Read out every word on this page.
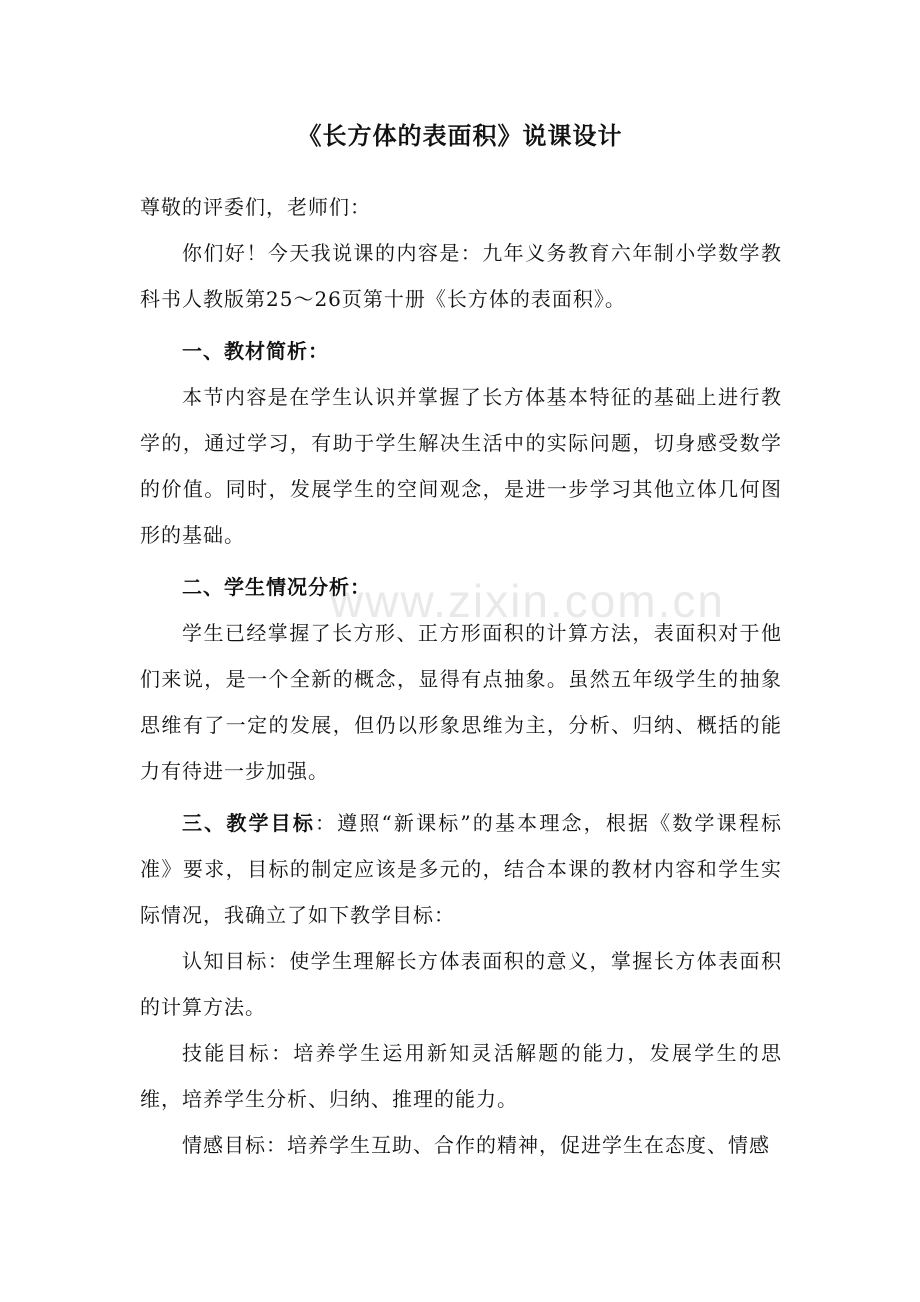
www.zixin.com.cn
《长方体的表面积》说课设计

尊敬的评委们，老师们：

你们好！今天我说课的内容是：九年义务教育六年制小学数学教科书人教版第25～26页第十册《长方体的表面积》。

一、教材简析：

本节内容是在学生认识并掌握了长方体基本特征的基础上进行教学的，通过学习，有助于学生解决生活中的实际问题，切身感受数学的价值。同时，发展学生的空间观念，是进一步学习其他立体几何图形的基础。

二、学生情况分析：

学生已经掌握了长方形、正方形面积的计算方法，表面积对于他们来说，是一个全新的概念，显得有点抽象。虽然五年级学生的抽象思维有了一定的发展，但仍以形象思维为主，分析、归纳、概括的能力有待进一步加强。

三、教学目标：遵照“新课标”的基本理念，根据《数学课程标准》要求，目标的制定应该是多元的，结合本课的教材内容和学生实际情况，我确立了如下教学目标：

认知目标：使学生理解长方体表面积的意义，掌握长方体表面积的计算方法。

技能目标：培养学生运用新知灵活解题的能力，发展学生的思维，培养学生分析、归纳、推理的能力。

情感目标：培养学生互助、合作的精神，促进学生在态度、情感
